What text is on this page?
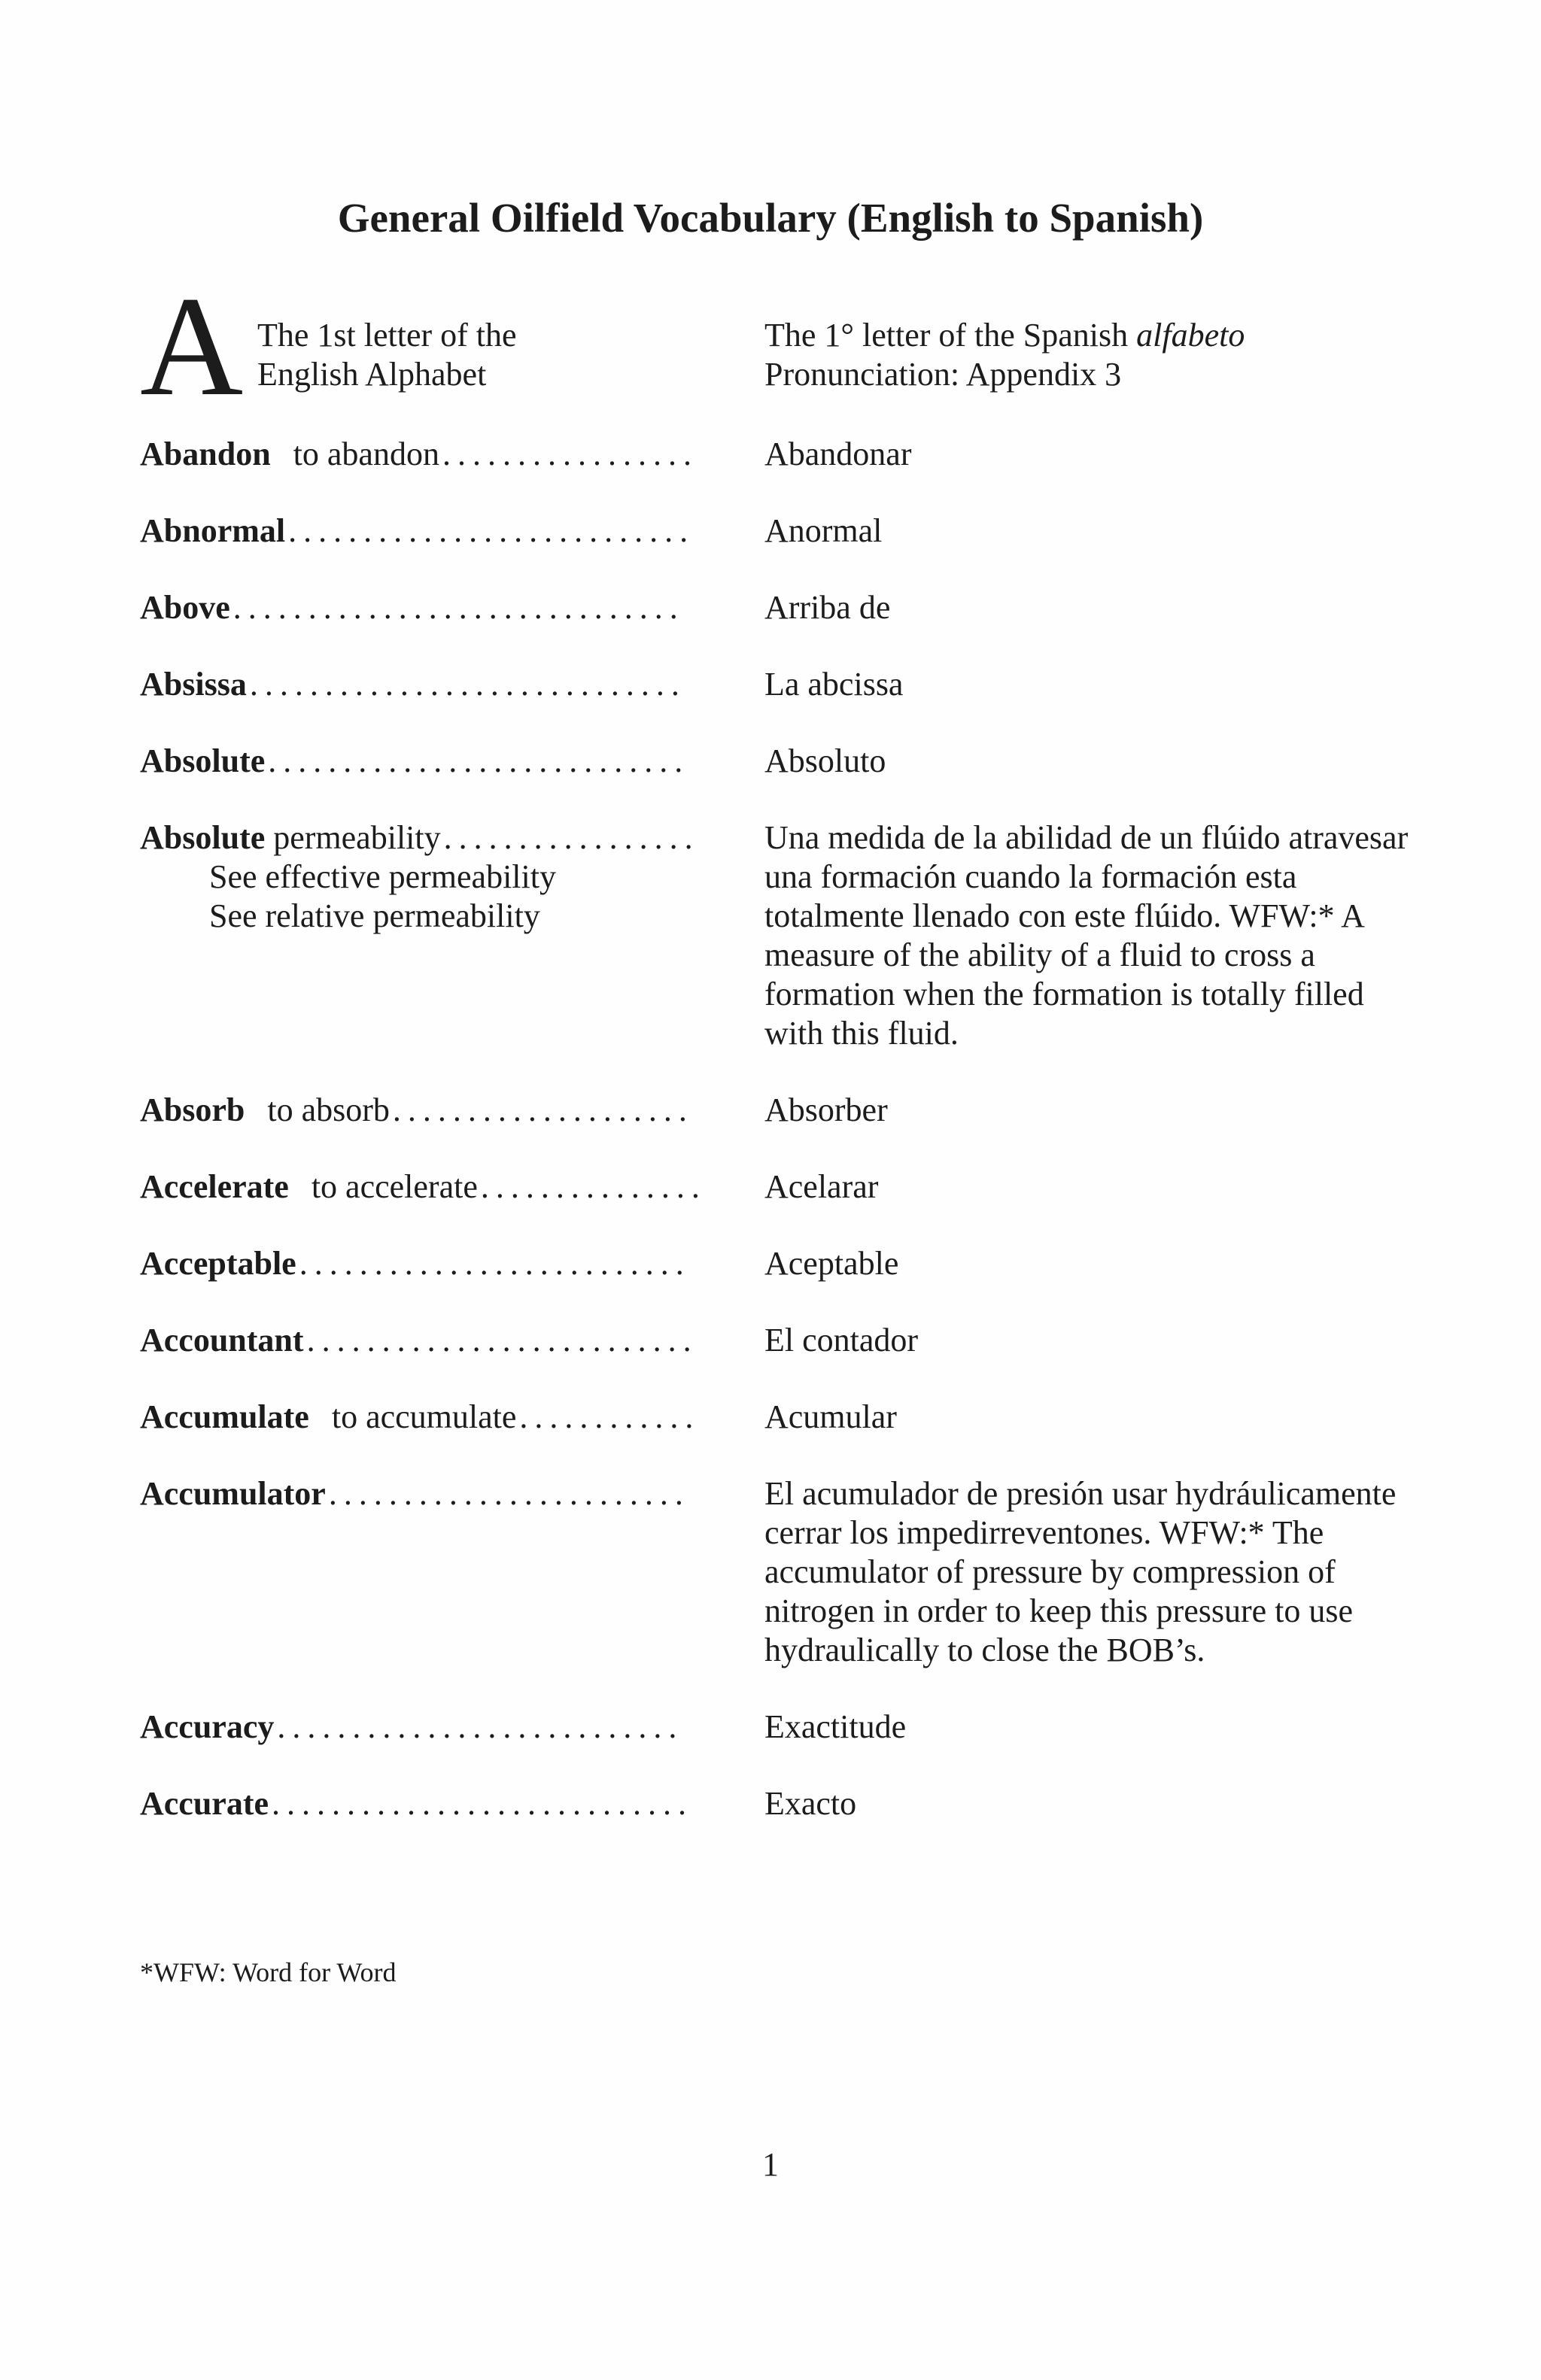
General Oilfield Vocabulary (English to Spanish)
A The 1st letter of the
English Alphabet
The 1° letter of the Spanish alfabeto
Pronunciation: Appendix 3
Abandon to abandon .................	Abandonar
Abnormal ...........................	Anormal
Above ..............................	Arriba de
Absissa .............................	La abcissa
Absolute ............................	Absoluto
Absolute permeability .................	Una medida de la abilidad de un flúido atravesar una formación cuando la formación esta totalmente llenado con este flúido. WFW:* A measure of the ability of a fluid to cross a formation when the formation is totally filled with this fluid.
See effective permeability
See relative permeability
Absorb to absorb ....................	Absorber
Accelerate to accelerate ...............	Acelarar
Acceptable ..........................	Aceptable
Accountant ..........................	El contador
Accumulate to accumulate ............	Acumular
Accumulator ........................	El acumulador de presión usar hydráulicamente cerrar los impedirreventones. WFW:* The accumulator of pressure by compression of nitrogen in order to keep this pressure to use hydraulically to close the BOB’s.
Accuracy ...........................	Exactitude
Accurate ............................	Exacto
*WFW: Word for Word
1
